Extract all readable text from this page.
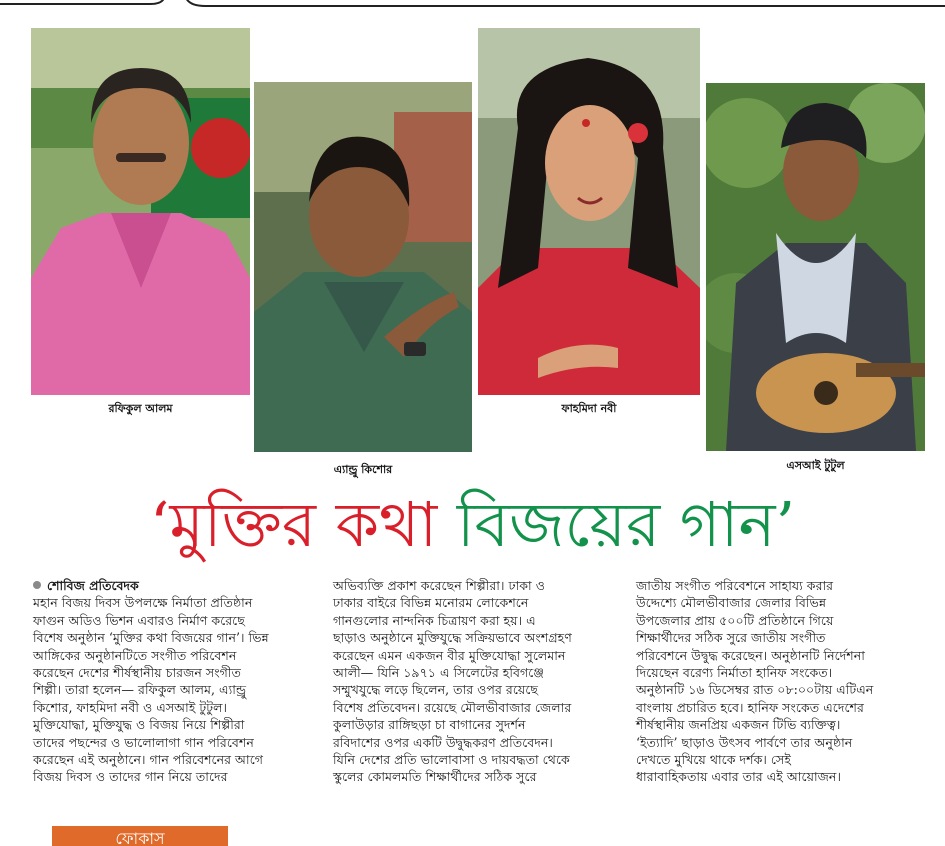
রফিকুল আলম
এ্যান্ড্রু কিশোর
ফাহমিদা নবী
এসআই টুটুল
‘মুক্তির কথা বিজয়ের গান’
শোবিজ প্রতিবেদক
মহান বিজয় দিবস উপলক্ষে নির্মাতা প্রতিষ্ঠান
ফাগুন অডিও ভিশন এবারও নির্মাণ করেছে
বিশেষ অনুষ্ঠান ‘মুক্তির কথা বিজয়ের গান’। ভিন্ন
আঙ্গিকের অনুষ্ঠানটিতে সংগীত পরিবেশন
করেছেন দেশের শীর্ষস্থানীয় চারজন সংগীত
শিল্পী। তারা হলেন— রফিকুল আলম, এ্যান্ড্রু
কিশোর, ফাহমিদা নবী ও এসআই টুটুল।
মুক্তিযোদ্ধা, মুক্তিযুদ্ধ ও বিজয় নিয়ে শিল্পীরা
তাদের পছন্দের ও ভালোলাগা গান পরিবেশন
করেছেন এই অনুষ্ঠানে। গান পরিবেশনের আগে
বিজয় দিবস ও তাদের গান নিয়ে তাদের
অভিব্যক্তি প্রকাশ করেছেন শিল্পীরা। ঢাকা ও
ঢাকার বাইরে বিভিন্ন মনোরম লোকেশনে
গানগুলোর নান্দনিক চিত্রায়ণ করা হয়। এ
ছাড়াও অনুষ্ঠানে মুক্তিযুদ্ধে সক্রিয়ভাবে অংশগ্রহণ
করেছেন এমন একজন বীর মুক্তিযোদ্ধা সুলেমান
আলী— যিনি ১৯৭১ এ সিলেটের হবিগঞ্জে
সম্মুখযুদ্ধে লড়ে ছিলেন, তার ওপর রয়েছে
বিশেষ প্রতিবেদন। রয়েছে মৌলভীবাজার জেলার
কুলাউড়ার রাঙ্গিছড়া চা বাগানের সুদর্শন
রবিদাশের ওপর একটি উদ্বুদ্ধকরণ প্রতিবেদন।
যিনি দেশের প্রতি ভালোবাসা ও দায়বদ্ধতা থেকে
স্কুলের কোমলমতি শিক্ষার্থীদের সঠিক সুরে
জাতীয় সংগীত পরিবেশনে সাহায্য করার
উদ্দেশ্যে মৌলভীবাজার জেলার বিভিন্ন
উপজেলার প্রায় ৫০০টি প্রতিষ্ঠানে গিয়ে
শিক্ষার্থীদের সঠিক সুরে জাতীয় সংগীত
পরিবেশনে উদ্বুদ্ধ করেছেন। অনুষ্ঠানটি নির্দেশনা
দিয়েছেন বরেণ্য নির্মাতা হানিফ সংকেত।
অনুষ্ঠানটি ১৬ ডিসেম্বর রাত ০৮:০০টায় এটিএন
বাংলায় প্রচারিত হবে। হানিফ সংকেত এদেশের
শীর্ষস্থানীয় জনপ্রিয় একজন টিভি ব্যক্তিত্ব।
‘ইত্যাদি’ ছাড়াও উৎসব পার্বণে তার অনুষ্ঠান
দেখতে মুখিয়ে থাকে দর্শক। সেই
ধারাবাহিকতায় এবার তার এই আয়োজন।
ফোকাস
